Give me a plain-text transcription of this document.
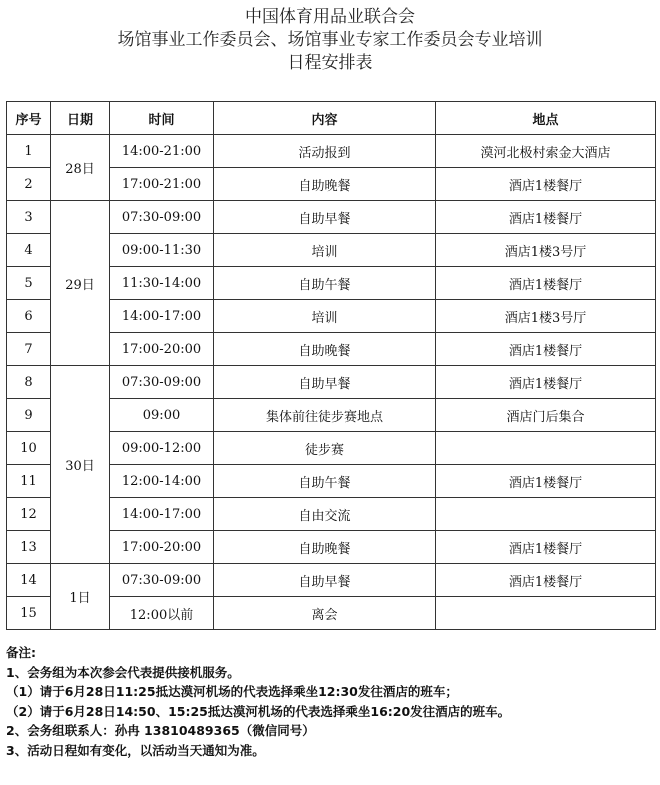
中国体育用品业联合会
场馆事业工作委员会、场馆事业专家工作委员会专业培训
日程安排表
序号	日期	时间	内容	地点
1	28日	14:00-21:00	活动报到	漠河北极村索金大酒店
2		17:00-21:00	自助晚餐	酒店1楼餐厅
3	29日	07:30-09:00	自助早餐	酒店1楼餐厅
4		09:00-11:30	培训	酒店1楼3号厅
5		11:30-14:00	自助午餐	酒店1楼餐厅
6		14:00-17:00	培训	酒店1楼3号厅
7		17:00-20:00	自助晚餐	酒店1楼餐厅
8	30日	07:30-09:00	自助早餐	酒店1楼餐厅
9		09:00	集体前往徒步赛地点	酒店门后集合
10		09:00-12:00	徒步赛	
11		12:00-14:00	自助午餐	酒店1楼餐厅
12		14:00-17:00	自由交流	
13		17:00-20:00	自助晚餐	酒店1楼餐厅
14	1日	07:30-09:00	自助早餐	酒店1楼餐厅
15		12:00以前	离会	
备注:
1、会务组为本次参会代表提供接机服务。
（1）请于6月28日11:25抵达漠河机场的代表选择乘坐12:30发往酒店的班车；
（2）请于6月28日14:50、15:25抵达漠河机场的代表选择乘坐16:20发往酒店的班车。
2、会务组联系人：孙冉 13810489365（微信同号）
3、活动日程如有变化，以活动当天通知为准。
